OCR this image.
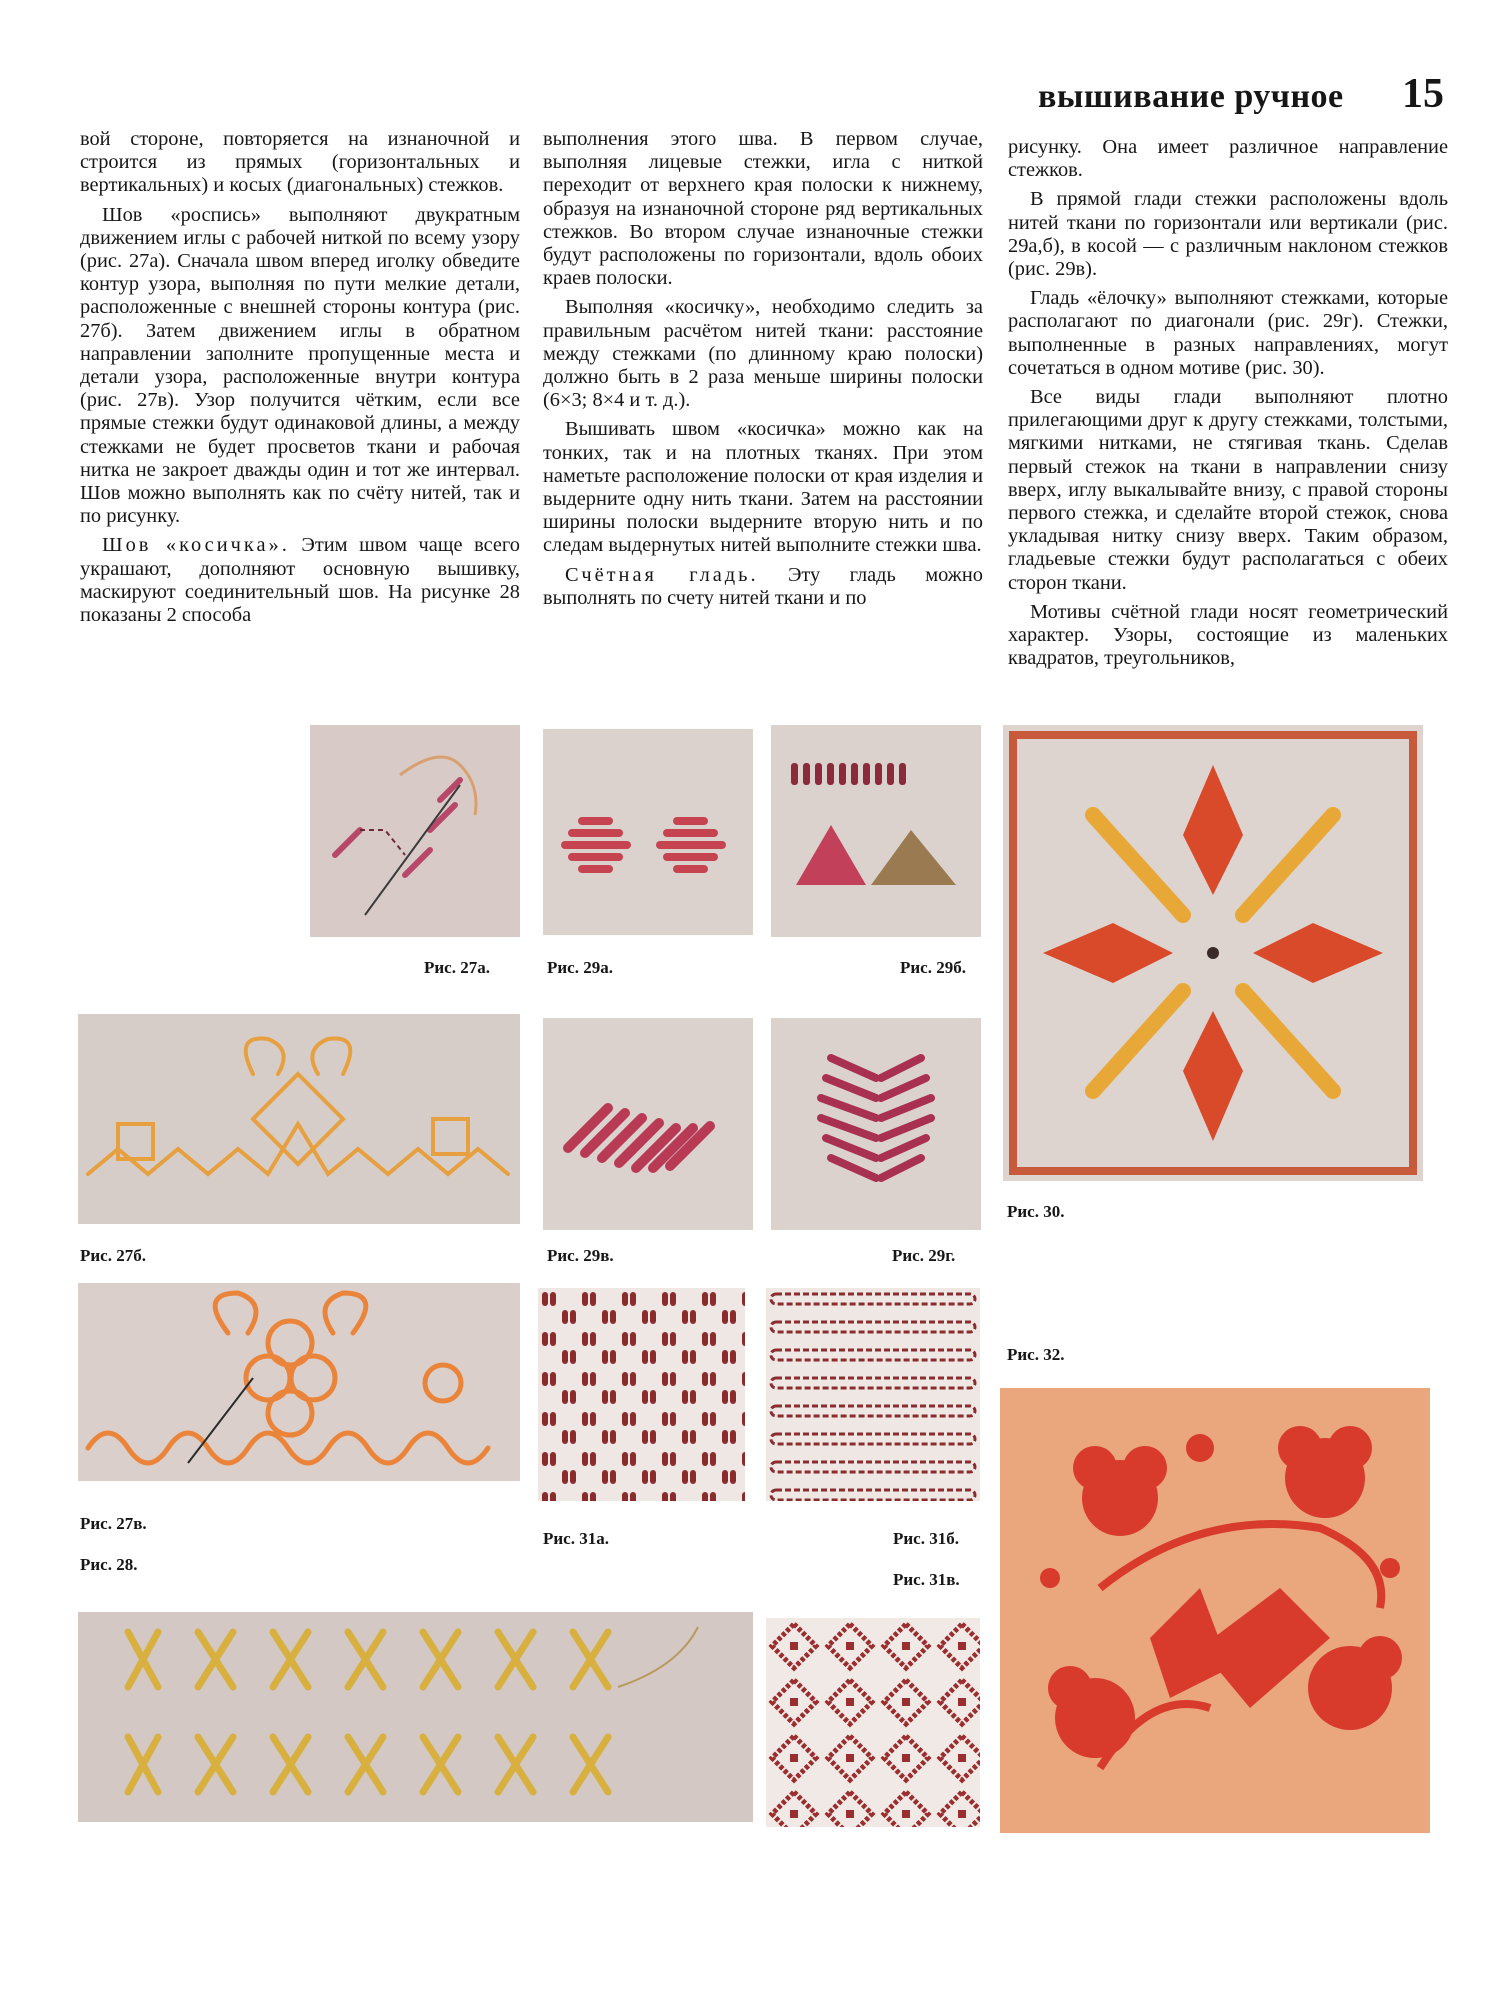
вышивание ручное	15

вой стороне, повторяется на изнаночной и строится из прямых (горизонтальных и вертикальных) и косых (диагональных) стежков.

Шов «роспись» выполняют двукратным движением иглы с рабочей ниткой по всему узору (рис. 27а). Сначала швом вперед иголку обведите контур узора, выполняя по пути мелкие детали, расположенные с внешней стороны контура (рис. 27б). Затем движением иглы в обратном направлении заполните пропущенные места и детали узора, расположенные внутри контура (рис. 27в). Узор получится чётким, если все прямые стежки будут одинаковой длины, а между стежками не будет просветов ткани и рабочая нитка не закроет дважды один и тот же интервал. Шов можно выполнять как по счёту нитей, так и по рисунку.

Шов «косичка». Этим швом чаще всего украшают, дополняют основную вышивку, маскируют соединительный шов. На рисунке 28 показаны 2 способа

выполнения этого шва. В первом случае, выполняя лицевые стежки, игла с ниткой переходит от верхнего края полоски к нижнему, образуя на изнаночной стороне ряд вертикальных стежков. Во втором случае изнаночные стежки будут расположены по горизонтали, вдоль обоих краев полоски.

Выполняя «косичку», необходимо следить за правильным расчётом нитей ткани: расстояние между стежками (по длинному краю полоски) должно быть в 2 раза меньше ширины полоски (6×3; 8×4 и т. д.).

Вышивать швом «косичка» можно как на тонких, так и на плотных тканях. При этом наметьте расположение полоски от края изделия и выдерните одну нить ткани. Затем на расстоянии ширины полоски выдерните вторую нить и по следам выдернутых нитей выполните стежки шва.

Счётная гладь. Эту гладь можно выполнять по счету нитей ткани и по

рисунку. Она имеет различное направление стежков.

В прямой глади стежки расположены вдоль нитей ткани по горизонтали или вертикали (рис. 29а,б), в косой — с различным наклоном стежков (рис. 29в).

Гладь «ёлочку» выполняют стежками, которые располагают по диагонали (рис. 29г). Стежки, выполненные в разных направлениях, могут сочетаться в одном мотиве (рис. 30).

Все виды глади выполняют плотно прилегающими друг к другу стежками, толстыми, мягкими нитками, не стягивая ткань. Сделав первый стежок на ткани в направлении снизу вверх, иглу выкалывайте внизу, с правой стороны первого стежка, и сделайте второй стежок, снова укладывая нитку снизу вверх. Таким образом, гладьевые стежки будут располагаться с обеих сторон ткани.

Мотивы счётной глади носят геометрический характер. Узоры, состоящие из маленьких квадратов, треугольников,

Рис. 27а.
Рис. 27б.
Рис. 27в.
Рис. 28.
Рис. 29а.	Рис. 29б.
Рис. 29в.	Рис. 29г.
Рис. 31а.	Рис. 31б.
Рис. 31в.
Рис. 30.
Рис. 32.
